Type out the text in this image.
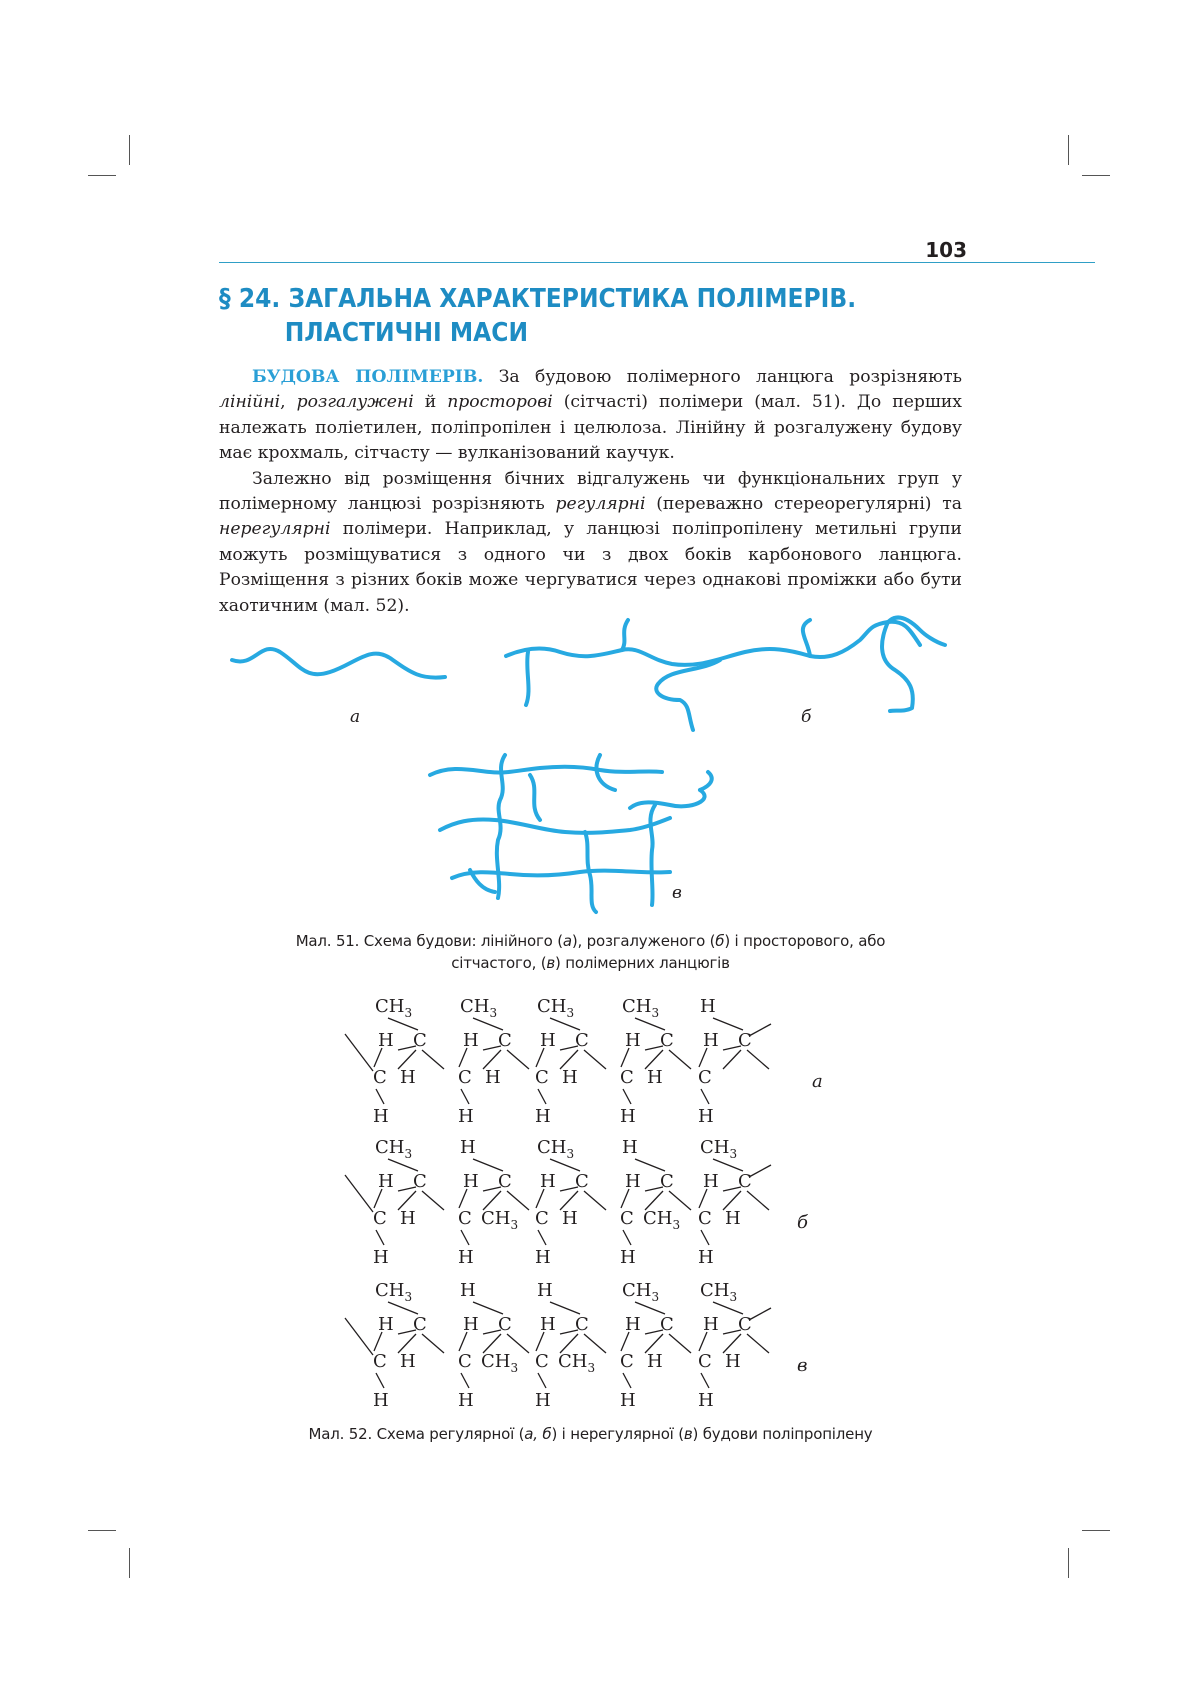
103
§ 24. ЗАГАЛЬНА ХАРАКТЕРИСТИКА ПОЛІМЕРІВ.
ПЛАСТИЧНІ МАСИ

БУДОВА ПОЛІМЕРІВ. За будовою полімерного ланцюга розрізняють лінійні, розгалужені й просторові (сітчасті) полімери (мал. 51). До перших належать поліетилен, поліпропілен і целюлоза. Лінійну й розгалужену будову має крохмаль, сітчасту — вулканізований каучук.

Залежно від розміщення бічних відгалужень чи функціональних груп у полімерному ланцюзі розрізняють регулярні (переважно стереорегулярні) та нерегулярні полімери. Наприклад, у ланцюзі поліпропілену метильні групи можуть розміщуватися з одного чи з двох боків карбонового ланцюга. Розміщення з різних боків може чергуватися через однакові проміжки або бути хаотичним (мал. 52).

а	б
в
Мал. 51. Схема будови: лінійного (а), розгалуженого (б) і просторового, або
сітчастого, (в) полімерних ланцюгів
$CH_3$
C
H
C H
H
$CH_3$
C
H
C H
H
$CH_3$
C
H
C H
H
$CH_3$
C
H
C H
H
H
C
H
C
H
а
$CH_3$
C
H
C H
H
H
C
H
C $CH_3$
H
$CH_3$
C
H
C H
H
H
C
H
C $CH_3$
H
$CH_3$
C
H
C H
H
б
$CH_3$
C
H
C H
H
H
C
H
C $CH_3$
H
H
C
H
C $CH_3$
H
$CH_3$
C
H
C H
H
$CH_3$
C
H
C H
H
в
Мал. 52. Схема регулярної (а, б) і нерегулярної (в) будови поліпропілену
